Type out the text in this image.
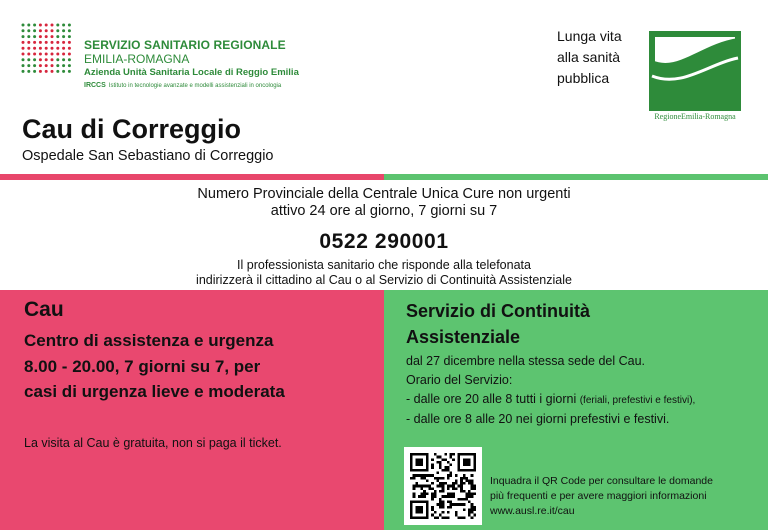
SERVIZIO SANITARIO REGIONALE
EMILIA-ROMAGNA
Azienda Unità Sanitaria Locale di Reggio Emilia
IRCCS Istituto in tecnologie avanzate e modelli assistenziali in oncologia
Lunga vita
alla sanità
pubblica
RegioneEmilia-Romagna
Cau di Correggio
Ospedale San Sebastiano di Correggio
Numero Provinciale della Centrale Unica Cure non urgenti
attivo 24 ore al giorno, 7 giorni su 7
0522 290001
Il professionista sanitario che risponde alla telefonata
indirizzerà il cittadino al Cau o al Servizio di Continuità Assistenziale
Cau
Centro di assistenza e urgenza
8.00 - 20.00, 7 giorni su 7, per
casi di urgenza lieve e moderata
La visita al Cau è gratuita, non si paga il ticket.
Servizio di Continuità
Assistenziale
dal 27 dicembre nella stessa sede del Cau.
Orario del Servizio:
- dalle ore 20 alle 8 tutti i giorni (feriali, prefestivi e festivi),
- dalle ore 8 alle 20 nei giorni prefestivi e festivi.
Inquadra il QR Code per consultare le domande
più frequenti e per avere maggiori informazioni
www.ausl.re.it/cau
